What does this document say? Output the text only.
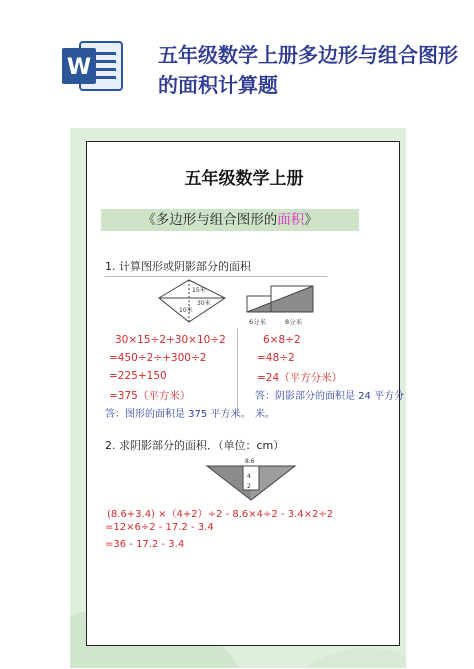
W	五年级数学上册多边形与组合图形的面积计算题
五年级数学上册
《多边形与组合图形的面积》
1. 计算图形或阴影部分的面积
15米
30米
10米
6分米	8分米
30×15÷2+30×10÷2
=450÷2÷+300÷2
=225+150
=375（平方米）
答：图形的面积是 375 平方米。
6×8÷2
=48÷2
=24（平方分米）
答：阴影部分的面积是 24 平方分
米。
2. 求阴影部分的面积．（单位：cm）
8.6
4
2
(8.6+3.4) ×（4+2）÷2 - 8.6×4÷2 - 3.4×2÷2
=12×6÷2 - 17.2 - 3.4
=36 - 17.2 - 3.4
